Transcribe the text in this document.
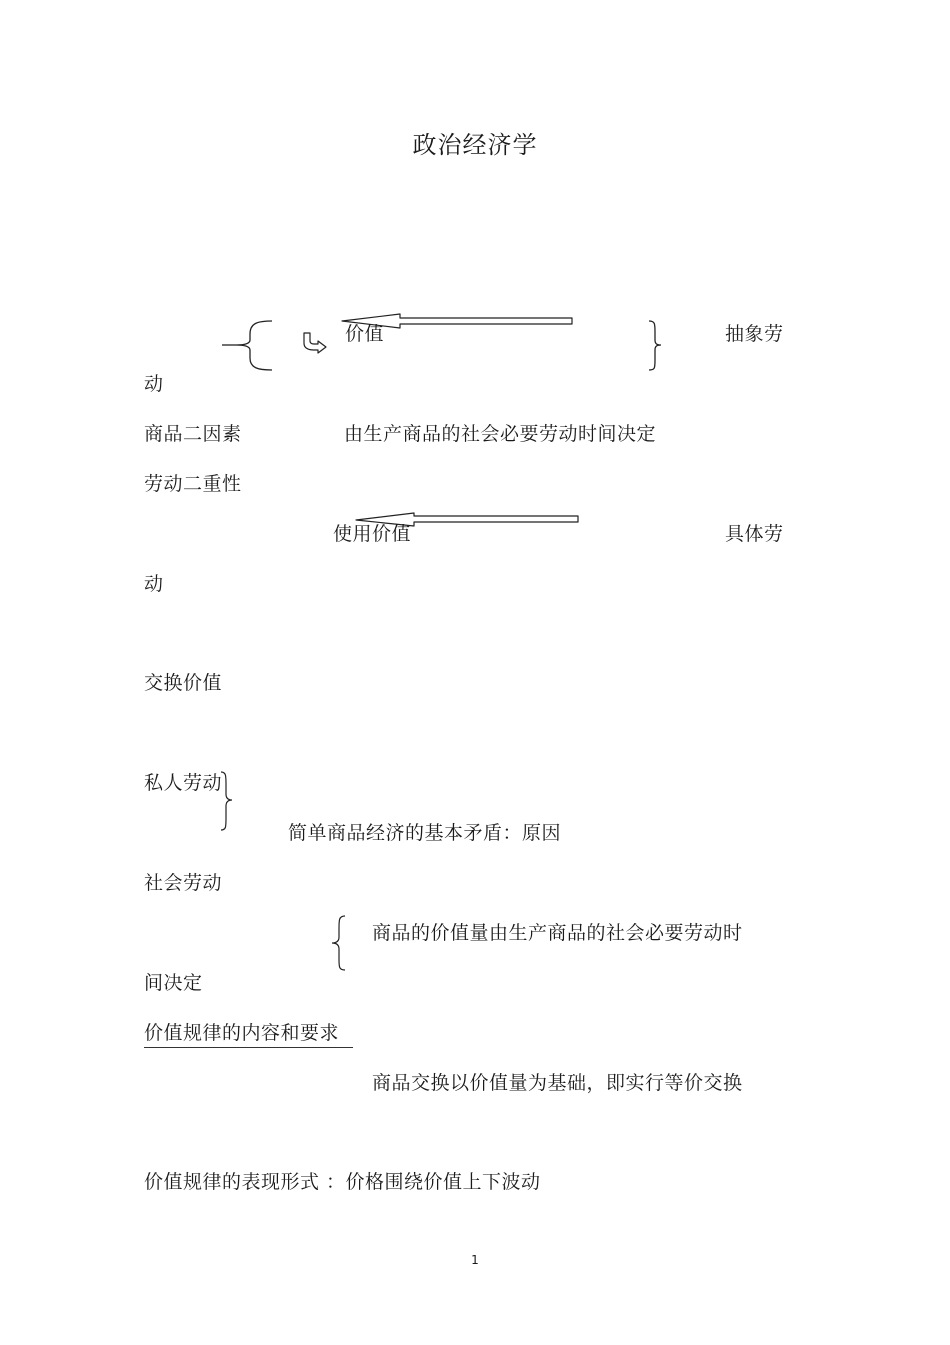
政治经济学
价值	抽象劳
动
商品二因素	由生产商品的社会必要劳动时间决定
劳动二重性
使用价值	具体劳
动
交换价值
私人劳动
简单商品经济的基本矛盾：原因
社会劳动
商品的价值量由生产商品的社会必要劳动时
间决定
价值规律的内容和要求
商品交换以价值量为基础，即实行等价交换
价值规律的表现形式 ：价格围绕价值上下波动
1
